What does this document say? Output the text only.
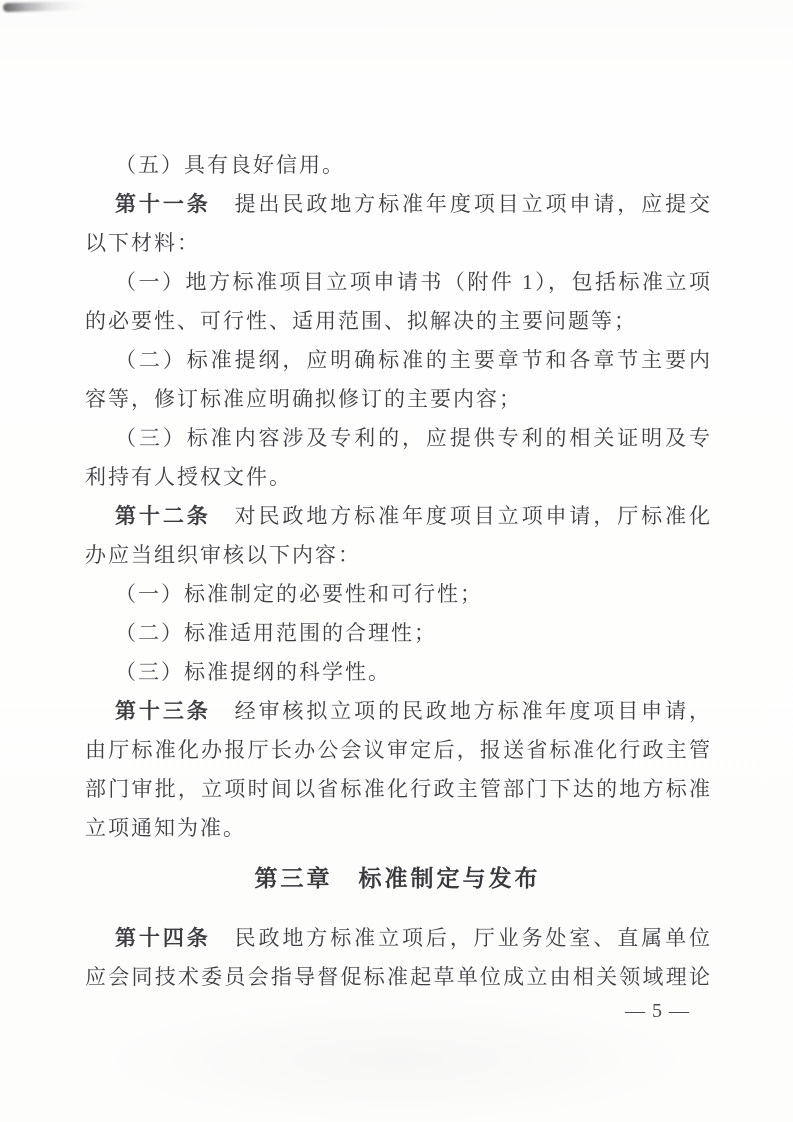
（五）具有良好信用。
第十一条　提出民政地方标准年度项目立项申请，应提交
以下材料：
（一）地方标准项目立项申请书（附件 1），包括标准立项
的必要性、可行性、适用范围、拟解决的主要问题等；
（二）标准提纲，应明确标准的主要章节和各章节主要内
容等，修订标准应明确拟修订的主要内容；
（三）标准内容涉及专利的，应提供专利的相关证明及专
利持有人授权文件。
第十二条　对民政地方标准年度项目立项申请，厅标准化
办应当组织审核以下内容：
（一）标准制定的必要性和可行性；
（二）标准适用范围的合理性；
（三）标准提纲的科学性。
第十三条　经审核拟立项的民政地方标准年度项目申请，
由厅标准化办报厅长办公会议审定后，报送省标准化行政主管
部门审批，立项时间以省标准化行政主管部门下达的地方标准
立项通知为准。
第三章　标准制定与发布
第十四条　民政地方标准立项后，厅业务处室、直属单位
应会同技术委员会指导督促标准起草单位成立由相关领域理论
— 5 —
